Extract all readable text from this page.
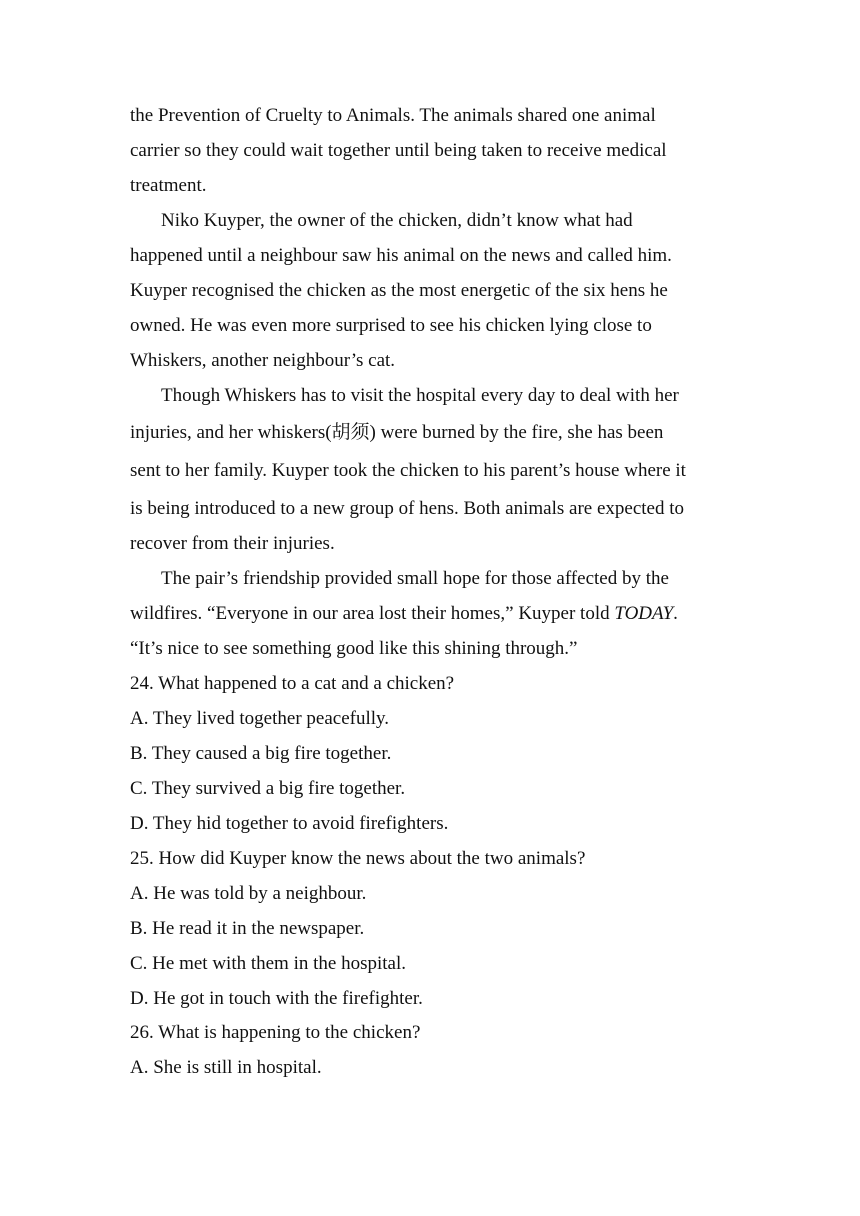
the Prevention of Cruelty to Animals. The animals shared one animal
carrier so they could wait together until being taken to receive medical
treatment.
Niko Kuyper, the owner of the chicken, didn’t know what had
happened until a neighbour saw his animal on the news and called him.
Kuyper recognised the chicken as the most energetic of the six hens he
owned. He was even more surprised to see his chicken lying close to
Whiskers, another neighbour’s cat.
Though Whiskers has to visit the hospital every day to deal with her
injuries, and her whiskers(胡须) were burned by the fire, she has been
sent to her family. Kuyper took the chicken to his parent’s house where it
is being introduced to a new group of hens. Both animals are expected to
recover from their injuries.
The pair’s friendship provided small hope for those affected by the
wildfires. “Everyone in our area lost their homes,” Kuyper told TODAY.
“It’s nice to see something good like this shining through.”
24. What happened to a cat and a chicken?
A. They lived together peacefully.
B. They caused a big fire together.
C. They survived a big fire together.
D. They hid together to avoid firefighters.
25. How did Kuyper know the news about the two animals?
A. He was told by a neighbour.
B. He read it in the newspaper.
C. He met with them in the hospital.
D. He got in touch with the firefighter.
26. What is happening to the chicken?
A. She is still in hospital.
